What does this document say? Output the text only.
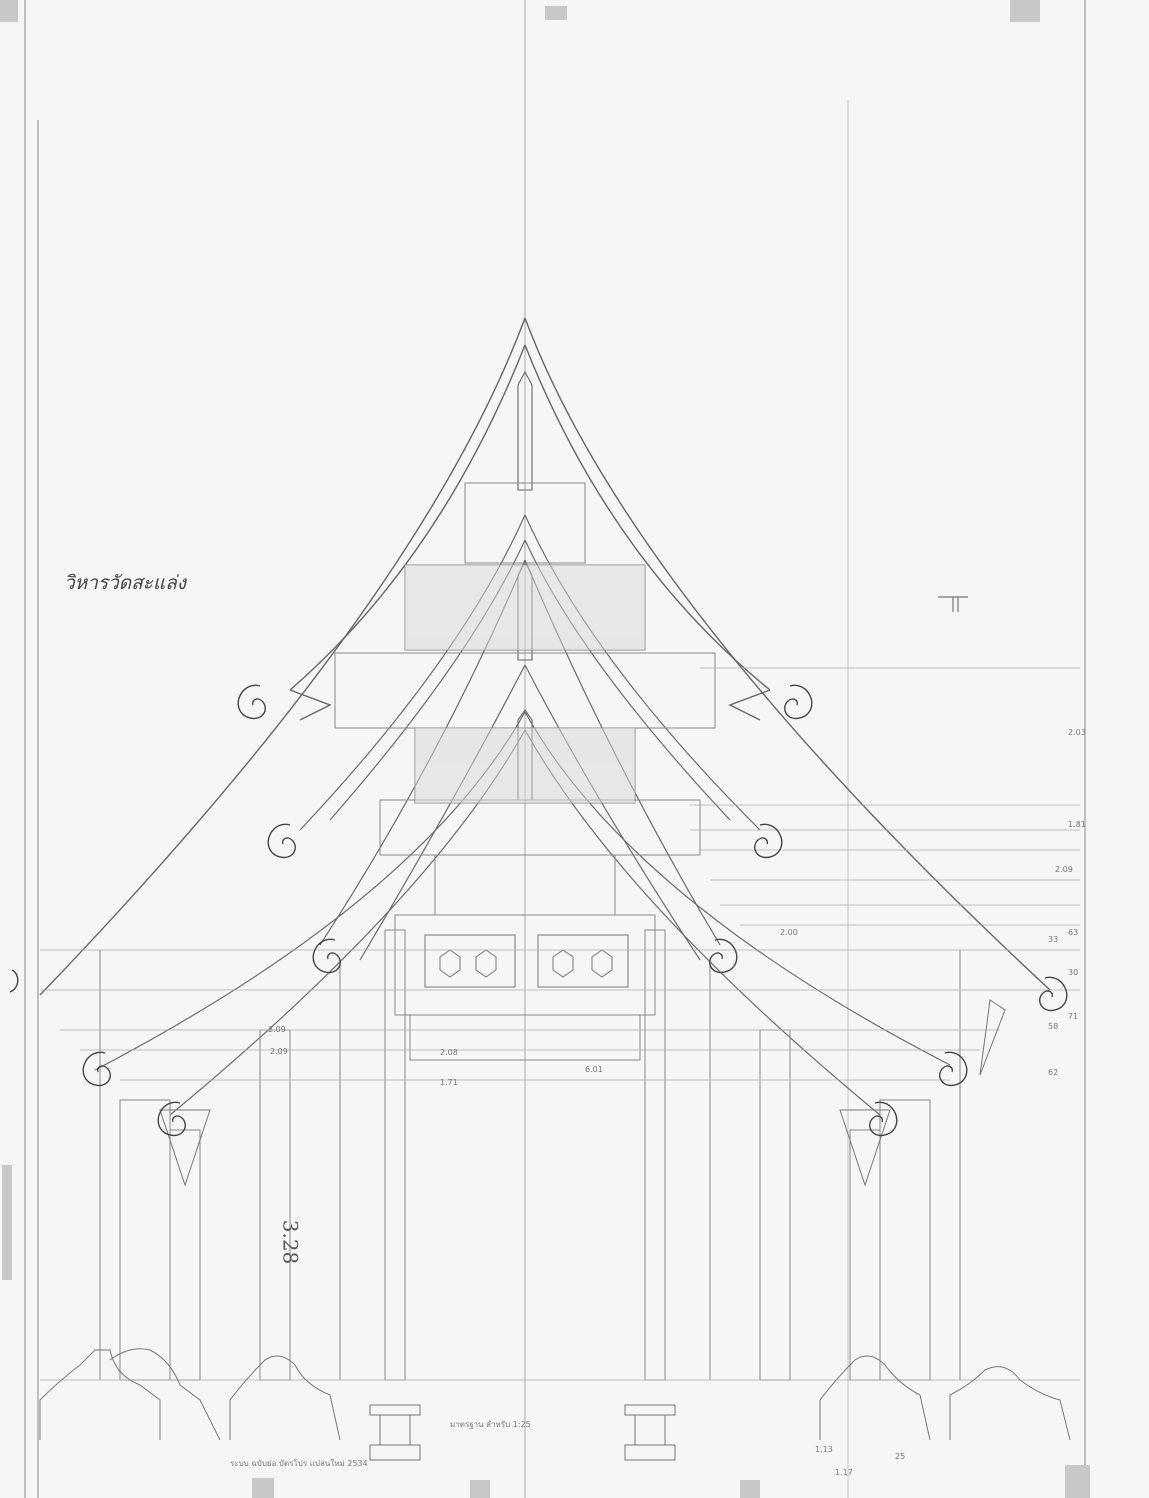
วิหารวัดสะแล่ง
3.28
2.03
1.81
2.09
33
63
30
71
58
62
2.09
2.09	2.08
6.01
1.71
2.00
ระบบ ฉบับย่อ บัตรโปร แปลนใหม่ 2534
มาตรฐาน สำหรับ 1:25
1.13
1.17
25
